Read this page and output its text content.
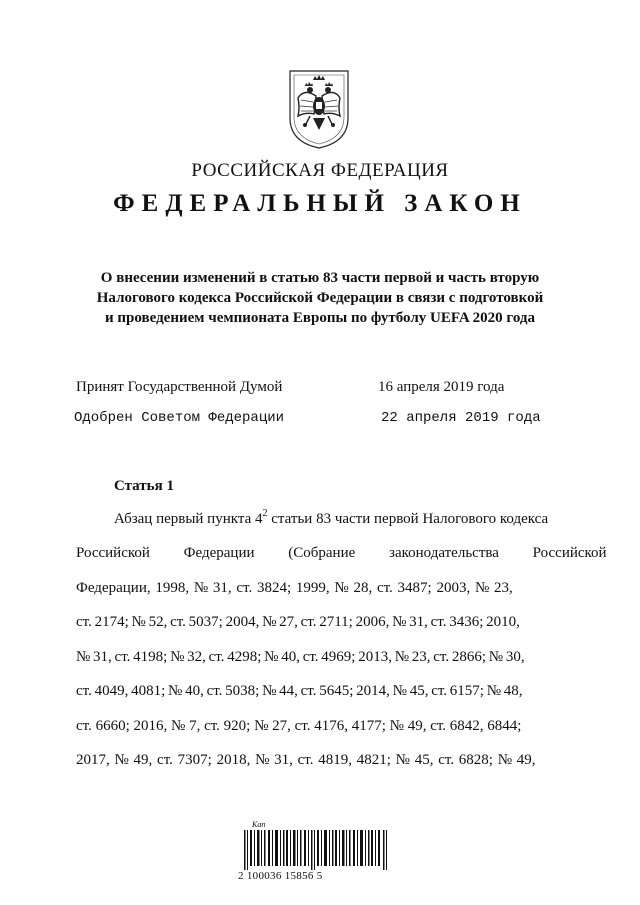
РОССИЙСКАЯ ФЕДЕРАЦИЯ
ФЕДЕРАЛЬНЫЙ ЗАКОН
О внесении изменений в статью 83 части первой и часть вторую
Налогового кодекса Российской Федерации в связи с подготовкой
и проведением чемпионата Европы по футболу UEFA 2020 года
Принят Государственной Думой	16 апреля 2019 года
Одобрен Советом Федерации	22 апреля 2019 года
Статья 1
Абзац первый пункта $4^2$ статьи 83 части первой Налогового кодекса
Российской Федерации (Собрание законодательства Российской
Федерации, 1998, № 31, ст. 3824; 1999, № 28, ст. 3487; 2003, № 23,
ст. 2174; № 52, ст. 5037; 2004, № 27, ст. 2711; 2006, № 31, ст. 3436; 2010,
№ 31, ст. 4198; № 32, ст. 4298; № 40, ст. 4969; 2013, № 23, ст. 2866; № 30,
ст. 4049, 4081; № 40, ст. 5038; № 44, ст. 5645; 2014, № 45, ст. 6157; № 48,
ст. 6660; 2016, № 7, ст. 920; № 27, ст. 4176, 4177; № 49, ст. 6842, 6844;
2017, № 49, ст. 7307; 2018, № 31, ст. 4819, 4821; № 45, ст. 6828; № 49,
Кan
2 100036 15856 5
